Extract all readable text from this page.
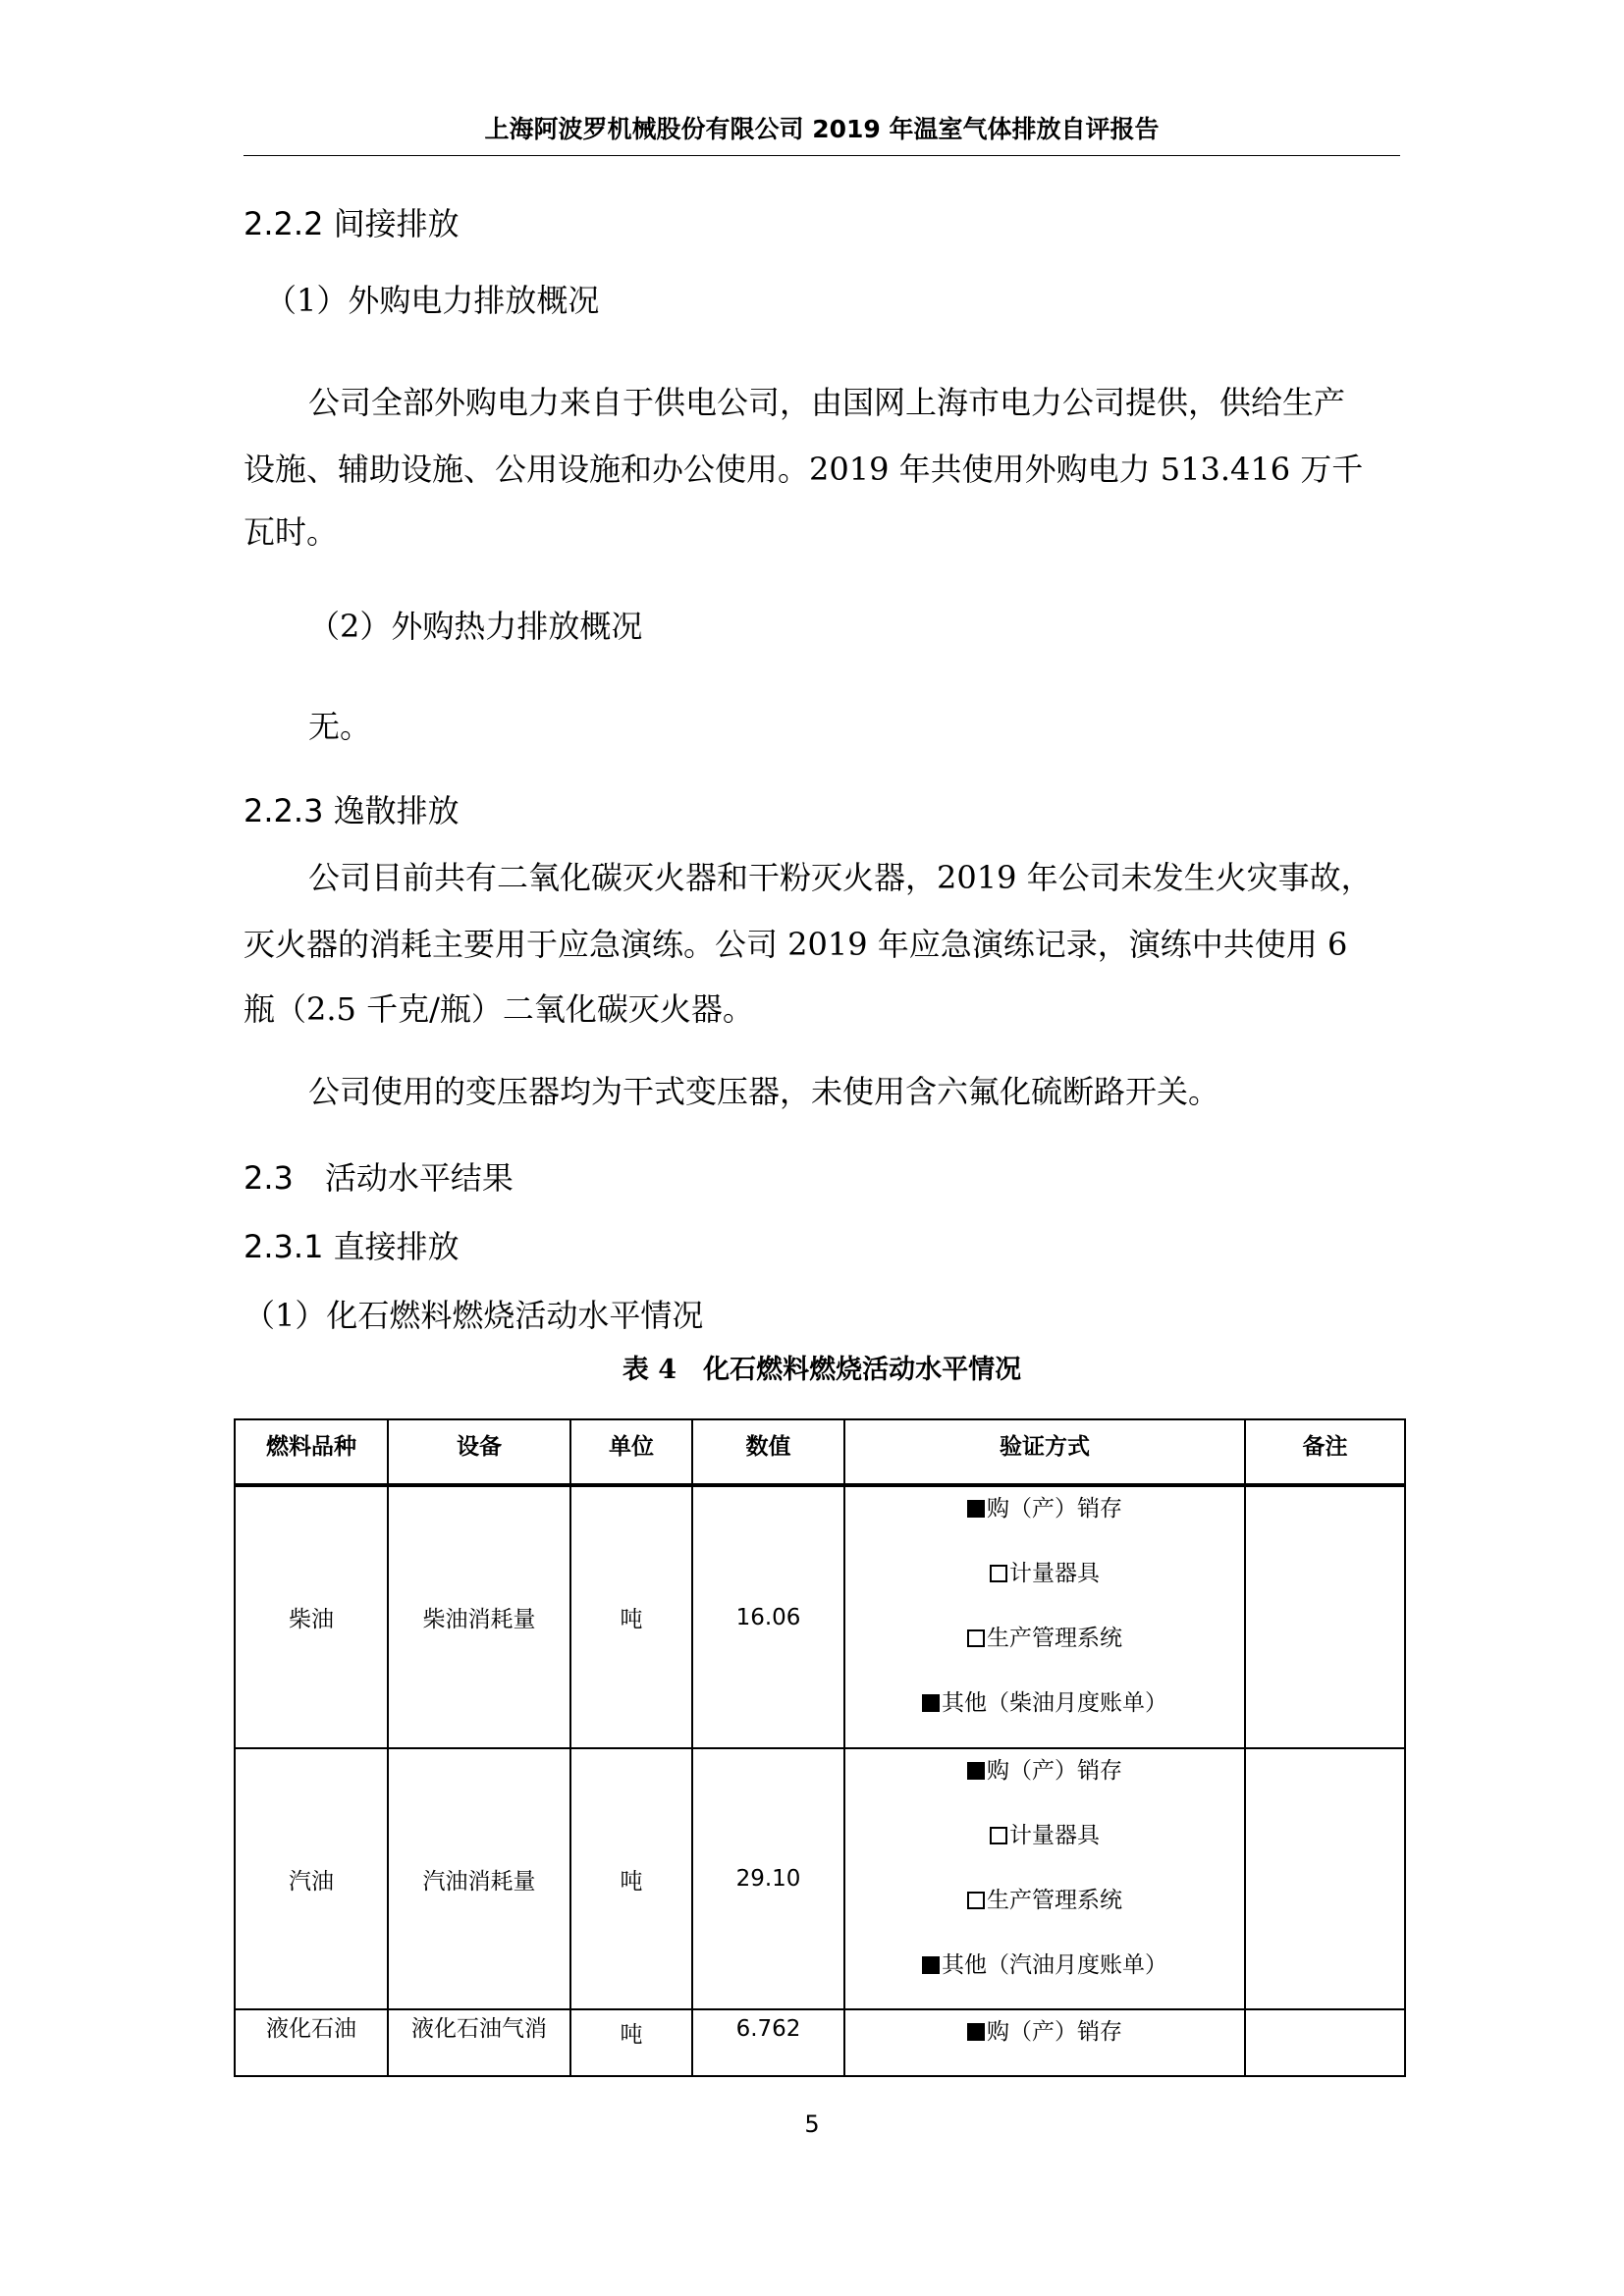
上海阿波罗机械股份有限公司 2019 年温室气体排放自评报告
2.2.2 间接排放
（1）外购电力排放概况
公司全部外购电力来自于供电公司，由国网上海市电力公司提供，供给生产
设施、辅助设施、公用设施和办公使用。2019 年共使用外购电力 513.416 万千
瓦时。
（2）外购热力排放概况
无。
2.2.3 逸散排放
公司目前共有二氧化碳灭火器和干粉灭火器，2019 年公司未发生火灾事故，
灭火器的消耗主要用于应急演练。公司 2019 年应急演练记录，演练中共使用 6
瓶（2.5 千克/瓶）二氧化碳灭火器。
公司使用的变压器均为干式变压器，未使用含六氟化硫断路开关。
2.3　活动水平结果
2.3.1 直接排放
（1）化石燃料燃烧活动水平情况
表 4　化石燃料燃烧活动水平情况
燃料品种	设备	单位	数值	验证方式	备注

柴油	柴油消耗量	吨	16.06	购（产）销存
计量器具
生产管理系统
其他（柴油月度账单）	

汽油	汽油消耗量	吨	29.10	购（产）销存
计量器具
生产管理系统
其他（汽油月度账单）	

液化石油	液化石油气消	吨	6.762	购（产）销存	

5
